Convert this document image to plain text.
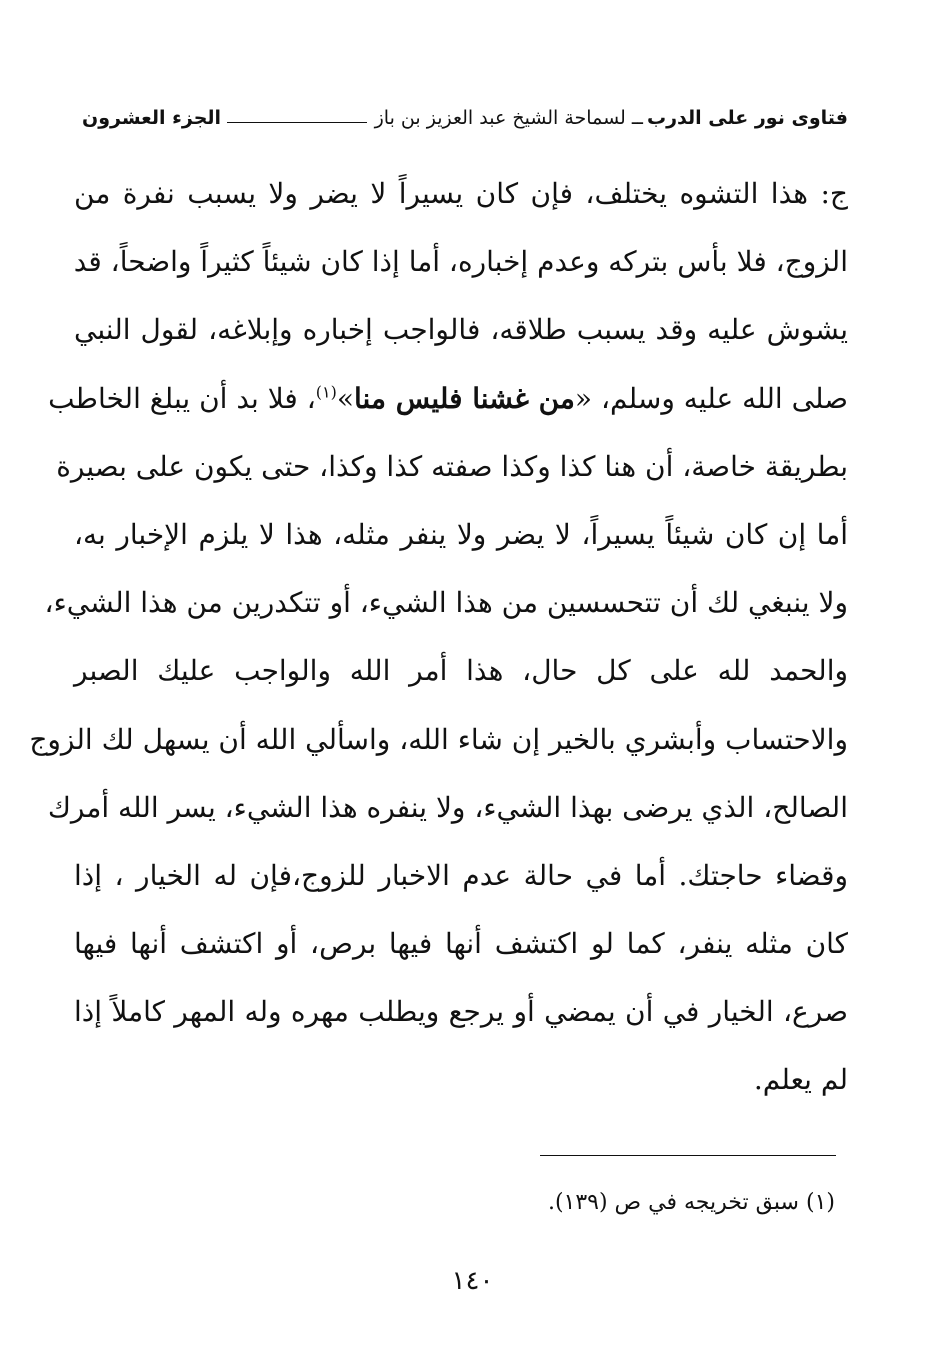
فتاوى نور على الدرب
ــ لسماحة الشيخ عبد العزيز بن باز
الجزء العشرون
ج: هذا التشوه يختلف، فإن كان يسيراً لا يضر ولا يسبب نفرة من
الزوج، فلا بأس بتركه وعدم إخباره، أما إذا كان شيئاً كثيراً واضحاً، قد
يشوش عليه وقد يسبب طلاقه، فالواجب إخباره وإبلاغه، لقول النبي
صلى الله عليه وسلم، «من غشنا فليس منا»$^{(١)}$، فلا بد أن يبلغ الخاطب
بطريقة خاصة، أن هنا كذا وكذا صفته كذا وكذا، حتى يكون على بصيرة
أما إن كان شيئاً يسيراً، لا يضر ولا ينفر مثله، هذا لا يلزم الإخبار به،
ولا ينبغي لك أن تتحسسين من هذا الشيء، أو تتكدرين من هذا الشيء،
والحمد لله على كل حال، هذا أمر الله والواجب عليك الصبر
والاحتساب وأبشري بالخير إن شاء الله، واسألي الله أن يسهل لك الزوج
الصالح، الذي يرضى بهذا الشيء، ولا ينفره هذا الشيء، يسر الله أمرك
وقضاء حاجتك. أما في حالة عدم الاخبار للزوج،فإن له الخيار ، إذا
كان مثله ينفر، كما لو اكتشف أنها فيها برص، أو اكتشف أنها فيها
صرع، الخيار في أن يمضي أو يرجع ويطلب مهره وله المهر كاملاً إذا
لم يعلم.
(١) سبق تخريجه في ص (١٣٩).
١٤٠
